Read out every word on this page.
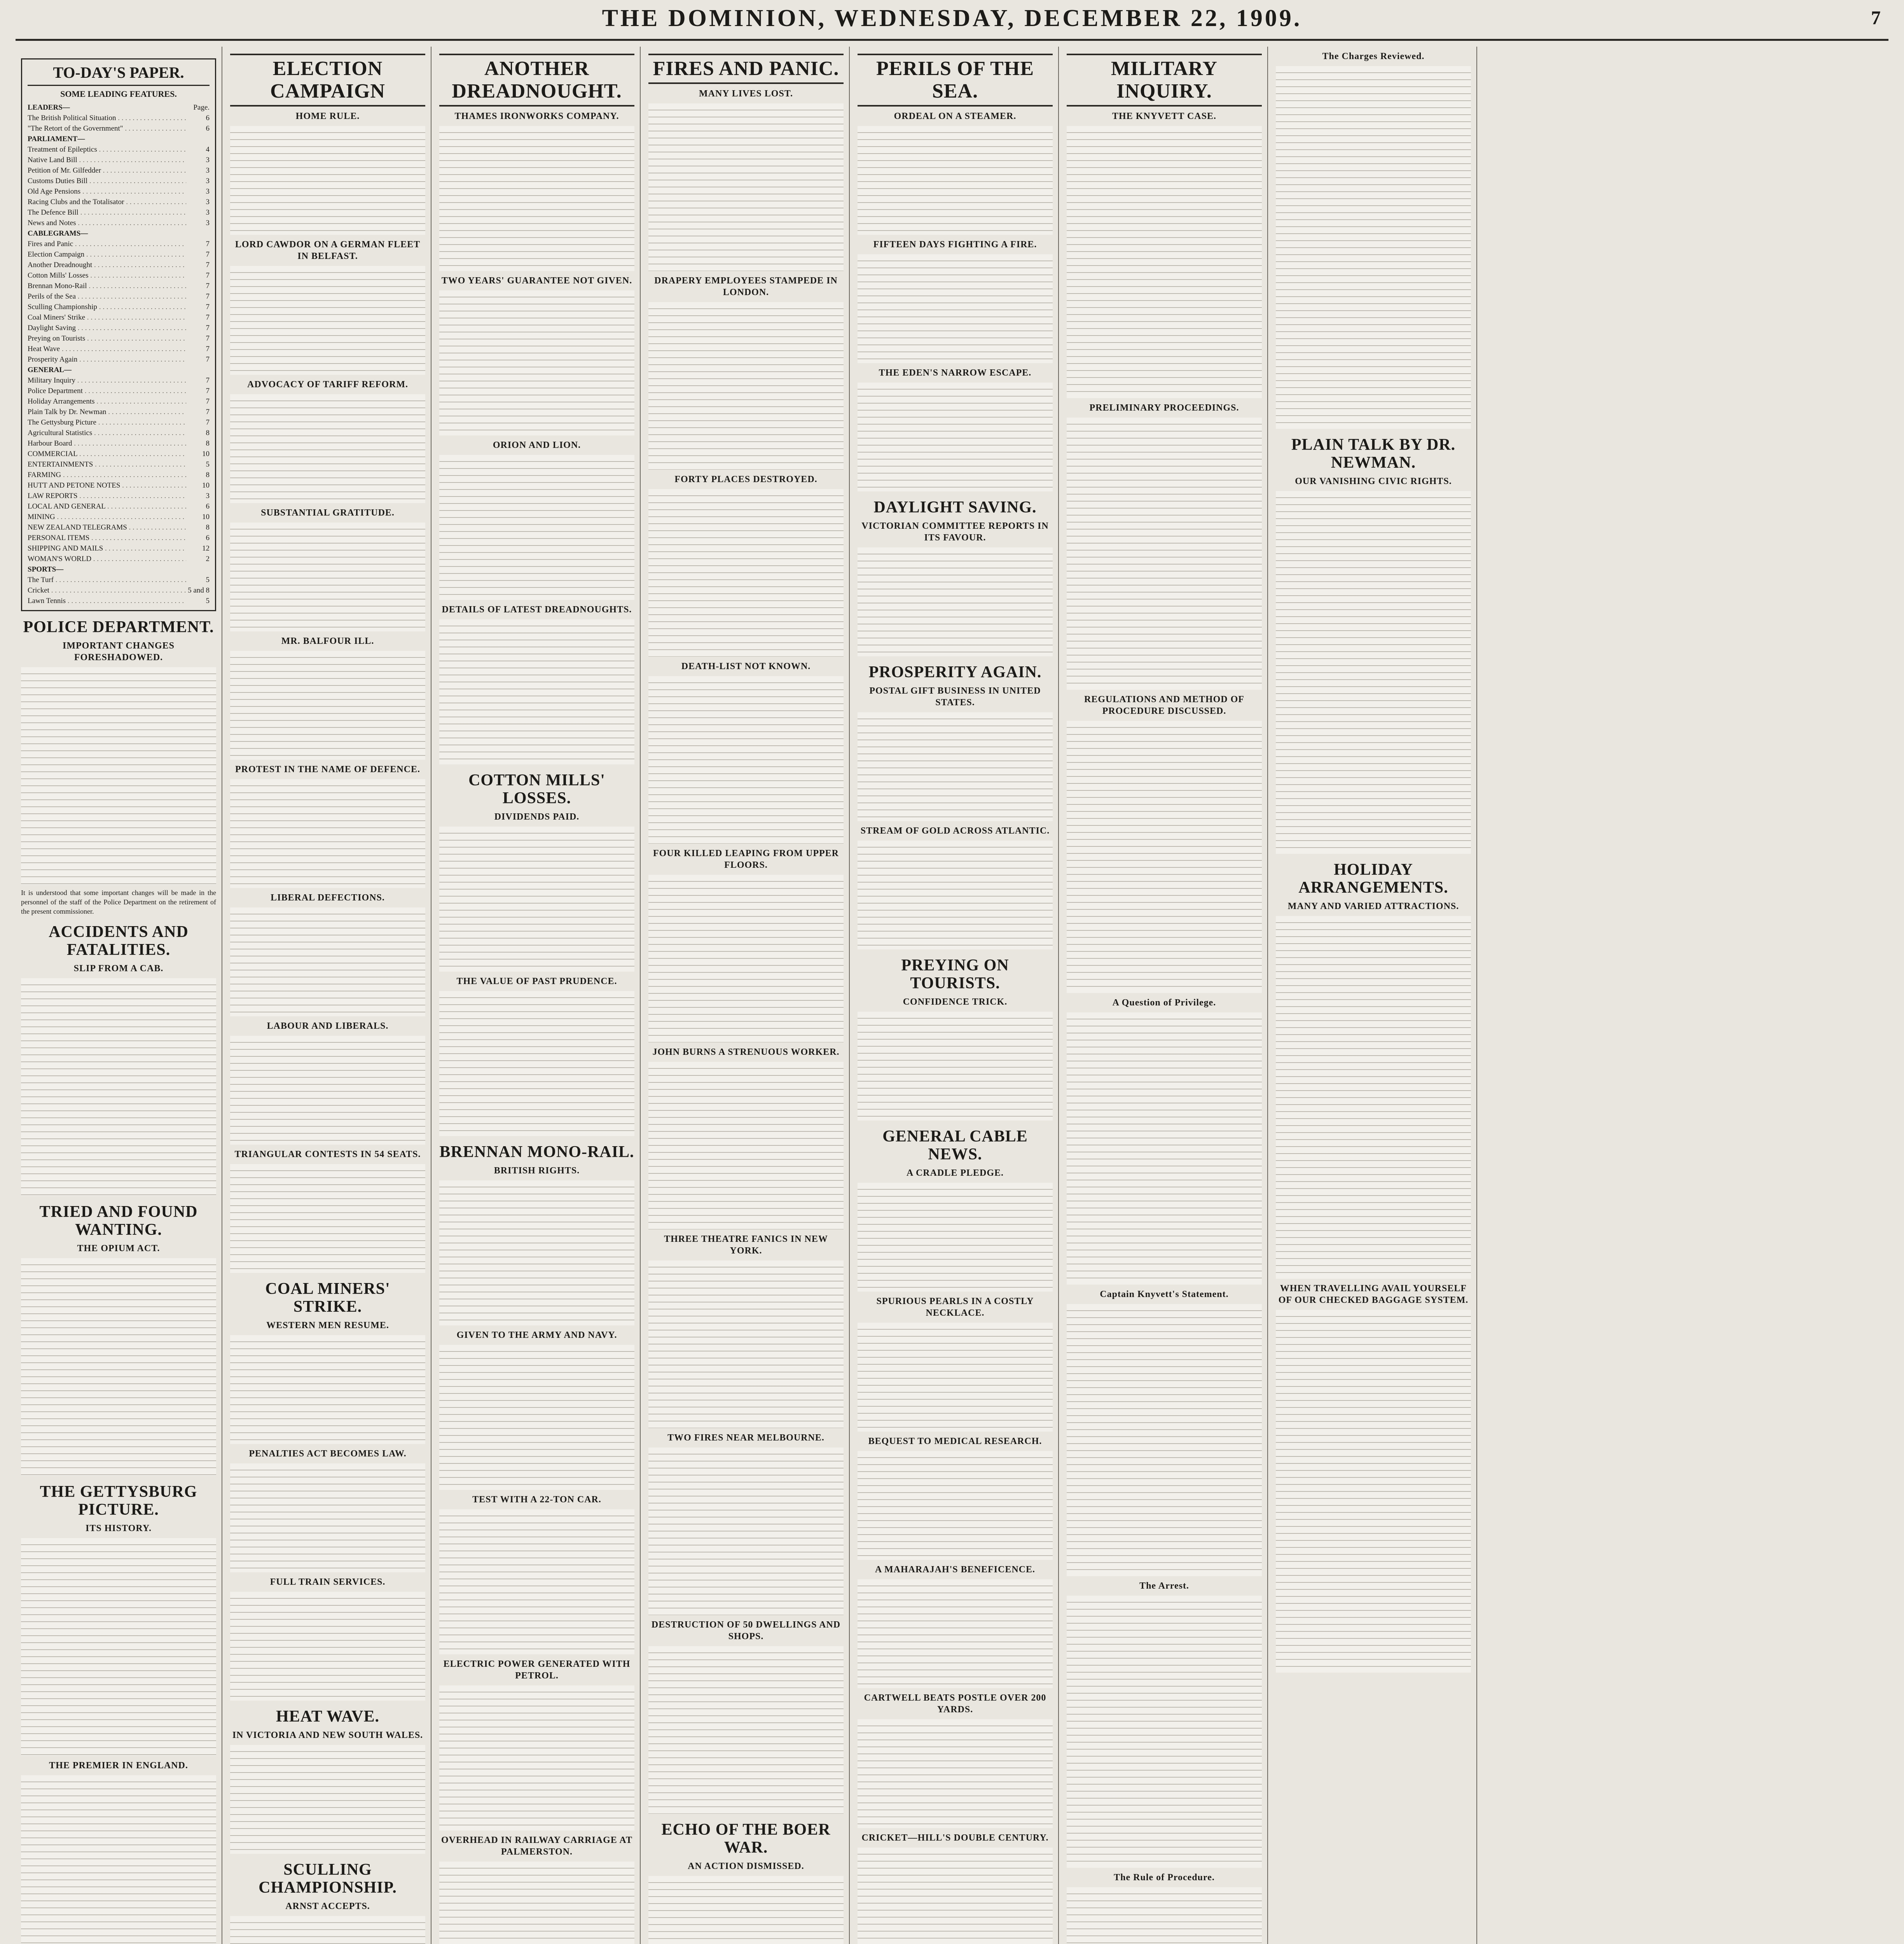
THE DOMINION, WEDNESDAY, DECEMBER 22, 1909.	7
TO-DAY'S PAPER.
SOME LEADING FEATURES.
LEADERS—	Page.
The British Political Situation . . .	6
"The Retort of the Government" . . .	6
PARLIAMENT—
Treatment of Epileptics . . .	4
Native Land Bill . . .	3
Petition of Mr. Gilfedder . . .	3
Customs Duties Bill . . .	3
Old Age Pensions . . .	3
Racing Clubs and the Totalisator . . .	3
The Defence Bill . . .	3
News and Notes . . .	3
CABLEGRAMS—
Fires and Panic . . .	7
Election Campaign . . .	7
Another Dreadnought . . .	7
Cotton Mills' Losses . . .	7
Brennan Mono-Rail . . .	7
Perils of the Sea . . .	7
Sculling Championship . . .	7
Coal Miners' Strike . . .	7
Daylight Saving . . .	7
Preying on Tourists . . .	7
Heat Wave . . .	7
Prosperity Again . . .	7
GENERAL—
Military Inquiry . . .	7
Police Department . . .	7
Holiday Arrangements . . .	7
Plain Talk by Dr. Newman . . .	7
The Gettysburg Picture . . .	7
Agricultural Statistics . . .	8
Harbour Board . . .	8
COMMERCIAL . . .	10
ENTERTAINMENTS . . .	5
FARMING . . .	8
HUTT AND PETONE NOTES . . .	10
LAW REPORTS . . .	3
LOCAL AND GENERAL . . .	6
MINING . . .	10
NEW ZEALAND TELEGRAMS . . .	8
PERSONAL ITEMS . . .	6
SHIPPING AND MAILS . . .	12
WOMAN'S WORLD . . .	2
SPORTS—
The Turf . . .	5
Cricket . . .	5 and 8
Lawn Tennis . . .	5
POLICE DEPARTMENT.
IMPORTANT CHANGES FORESHADOWED.
It is understood that some important changes will be made in the personnel of the staff of the Police Department on the retirement of the present commissioner.
ACCIDENTS AND FATALITIES.
SLIP FROM A CAB.
TRIED AND FOUND WANTING.
THE OPIUM ACT.
THE GETTYSBURG PICTURE.
ITS HISTORY.
THE PREMIER IN ENGLAND.
ELECTION CAMPAIGN
HOME RULE.
LORD CAWDOR ON A GERMAN FLEET IN BELFAST.
ADVOCACY OF TARIFF REFORM.
SUBSTANTIAL GRATITUDE.
MR. BALFOUR ILL.
PROTEST IN THE NAME OF DEFENCE.
LIBERAL DEFECTIONS.
LABOUR AND LIBERALS.
TRIANGULAR CONTESTS IN 54 SEATS.
COAL MINERS' STRIKE.
WESTERN MEN RESUME.
PENALTIES ACT BECOMES LAW.
FULL TRAIN SERVICES.
HEAT WAVE.
IN VICTORIA AND NEW SOUTH WALES.
SCULLING CHAMPIONSHIP.
ARNST ACCEPTS.
ANOTHER DREADNOUGHT.
THAMES IRONWORKS COMPANY.
TWO YEARS' GUARANTEE NOT GIVEN.
ORION AND LION.
DETAILS OF LATEST DREADNOUGHTS.
COTTON MILLS' LOSSES.
DIVIDENDS PAID.
THE VALUE OF PAST PRUDENCE.
BRENNAN MONO-RAIL.
BRITISH RIGHTS.
GIVEN TO THE ARMY AND NAVY.
TEST WITH A 22-TON CAR.
ELECTRIC POWER GENERATED WITH PETROL.
OVERHEAD IN RAILWAY CARRIAGE AT PALMERSTON.
FIRES AND PANIC.
MANY LIVES LOST.
DRAPERY EMPLOYEES STAMPEDE IN LONDON.
FORTY PLACES DESTROYED.
DEATH-LIST NOT KNOWN.
FOUR KILLED LEAPING FROM UPPER FLOORS.
JOHN BURNS A STRENUOUS WORKER.
THREE THEATRE FANICS IN NEW YORK.
TWO FIRES NEAR MELBOURNE.
DESTRUCTION OF 50 DWELLINGS AND SHOPS.
ECHO OF THE BOER WAR.
AN ACTION DISMISSED.
PERILS OF THE SEA.
ORDEAL ON A STEAMER.
FIFTEEN DAYS FIGHTING A FIRE.
THE EDEN'S NARROW ESCAPE.
DAYLIGHT SAVING.
VICTORIAN COMMITTEE REPORTS IN ITS FAVOUR.
PROSPERITY AGAIN.
POSTAL GIFT BUSINESS IN UNITED STATES.
STREAM OF GOLD ACROSS ATLANTIC.
PREYING ON TOURISTS.
CONFIDENCE TRICK.
GENERAL CABLE NEWS.
A CRADLE PLEDGE.
SPURIOUS PEARLS IN A COSTLY NECKLACE.
BEQUEST TO MEDICAL RESEARCH.
A MAHARAJAH'S BENEFICENCE.
CARTWELL BEATS POSTLE OVER 200 YARDS.
CRICKET—HILL'S DOUBLE CENTURY.
MILITARY INQUIRY.
THE KNYVETT CASE.
PRELIMINARY PROCEEDINGS.
REGULATIONS AND METHOD OF PROCEDURE DISCUSSED.
A Question of Privilege.
Captain Knyvett's Statement.
The Arrest.
The Rule of Procedure.
The Charges Reviewed.
PLAIN TALK BY DR. NEWMAN.
OUR VANISHING CIVIC RIGHTS.
HOLIDAY ARRANGEMENTS.
MANY AND VARIED ATTRACTIONS.
WHEN TRAVELLING AVAIL YOURSELF OF OUR CHECKED BAGGAGE SYSTEM.
